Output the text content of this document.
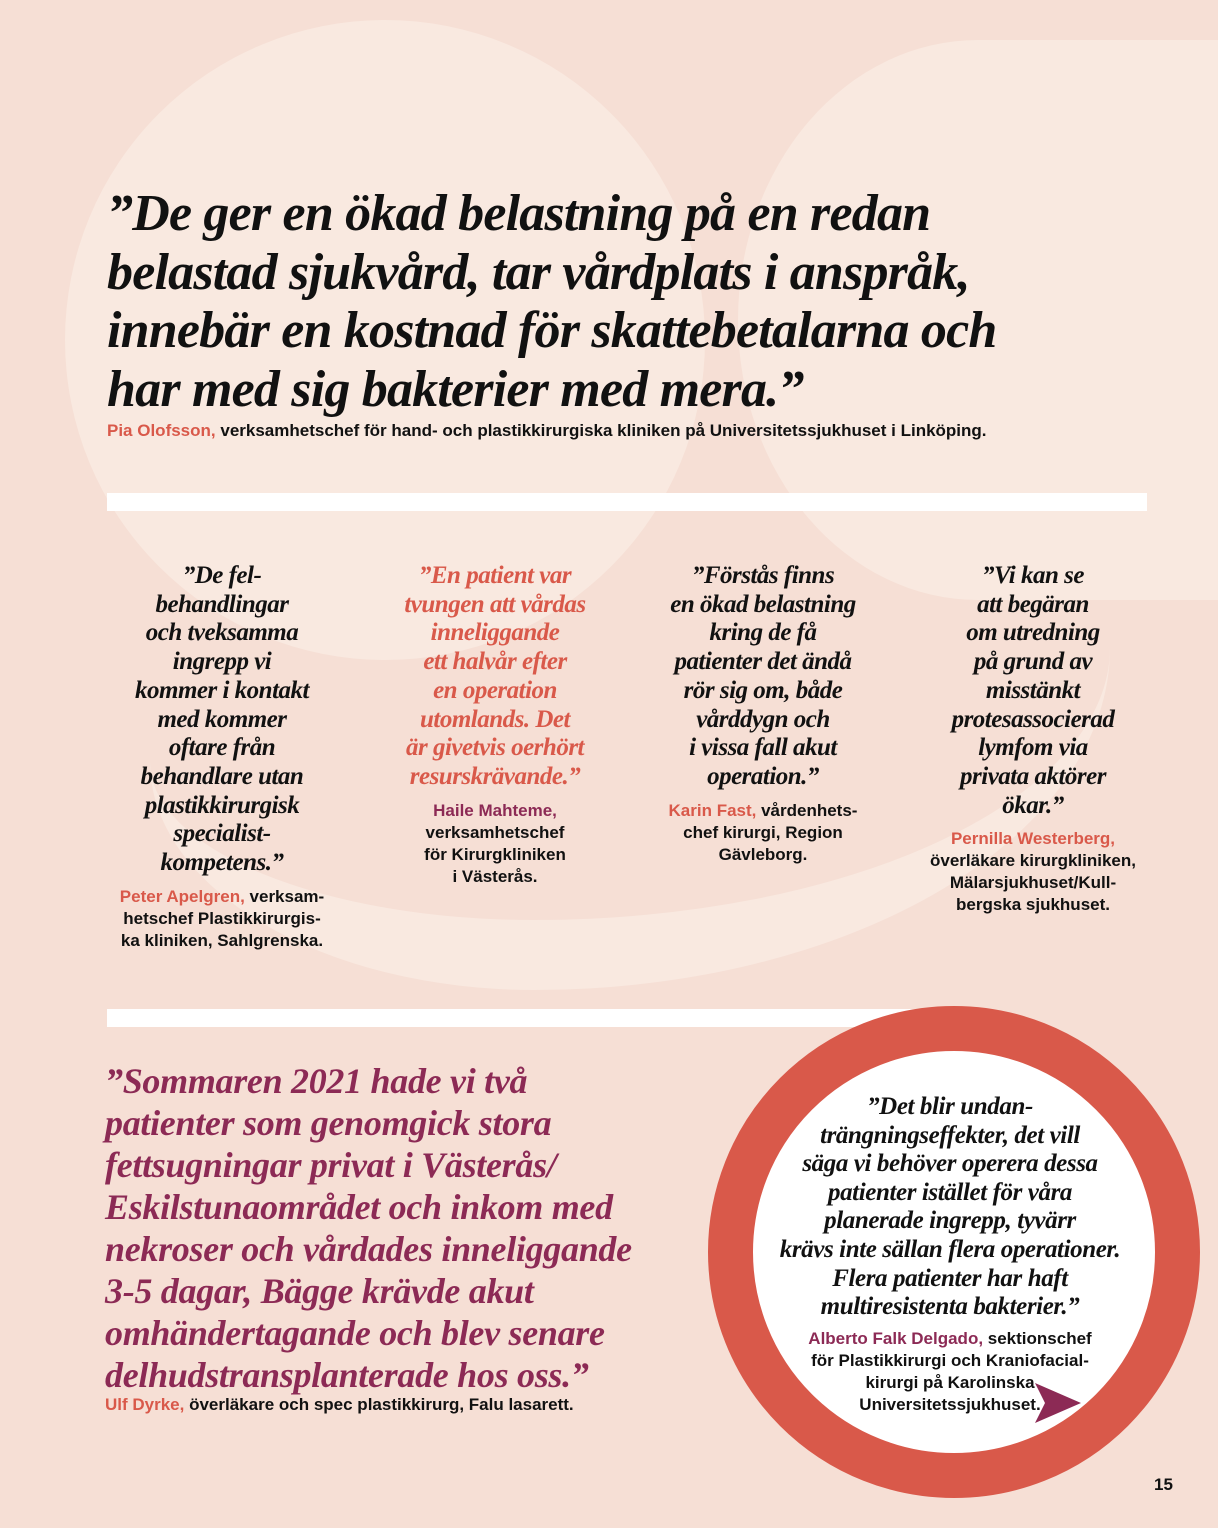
”De ger en ökad belastning på en redan
belastad sjukvård, tar vårdplats i anspråk,
innebär en kostnad för skattebetalarna och
har med sig bakterier med mera.”
Pia Olofsson, verksamhetschef för hand- och plastikkirurgiska kliniken på Universitetssjukhuset i Linköping.
”De fel-
behandlingar
och tveksamma
ingrepp vi
kommer i kontakt
med kommer
oftare från
behandlare utan
plastikkirurgisk
specialist-
kompetens.”
Peter Apelgren, verksam-
hetschef Plastikkirurgis-
ka kliniken, Sahlgrenska.
”En patient var
tvungen att vårdas
inneliggande
ett halvår efter
en operation
utomlands. Det
är givetvis oerhört
resurskrävande.”
Haile Mahteme,
verksamhetschef
för Kirurgkliniken
i Västerås.
”Förstås finns
en ökad belastning
kring de få
patienter det ändå
rör sig om, både
vårddygn och
i vissa fall akut
operation.”
Karin Fast, vårdenhets-
chef kirurgi, Region
Gävleborg.
”Vi kan se
att begäran
om utredning
på grund av
misstänkt
protesassocierad
lymfom via
privata aktörer
ökar.”
Pernilla Westerberg,
överläkare kirurgkliniken,
Mälarsjukhuset/Kull-
bergska sjukhuset.
”Sommaren 2021 hade vi två
patienter som genomgick stora
fettsugningar privat i Västerås/
Eskilstunaområdet och inkom med
nekroser och vårdades inneliggande
3-5 dagar, Bägge krävde akut
omhändertagande och blev senare
delhudstransplanterade hos oss.”
Ulf Dyrke, överläkare och spec plastikkirurg, Falu lasarett.
”Det blir undan-
trängningseffekter, det vill
säga vi behöver operera dessa
patienter istället för våra
planerade ingrepp, tyvärr
krävs inte sällan flera operationer.
Flera patienter har haft
multiresistenta bakterier.”
Alberto Falk Delgado, sektionschef
för Plastikkirurgi och Kraniofacial-
kirurgi på Karolinska
Universitetssjukhuset.
15
